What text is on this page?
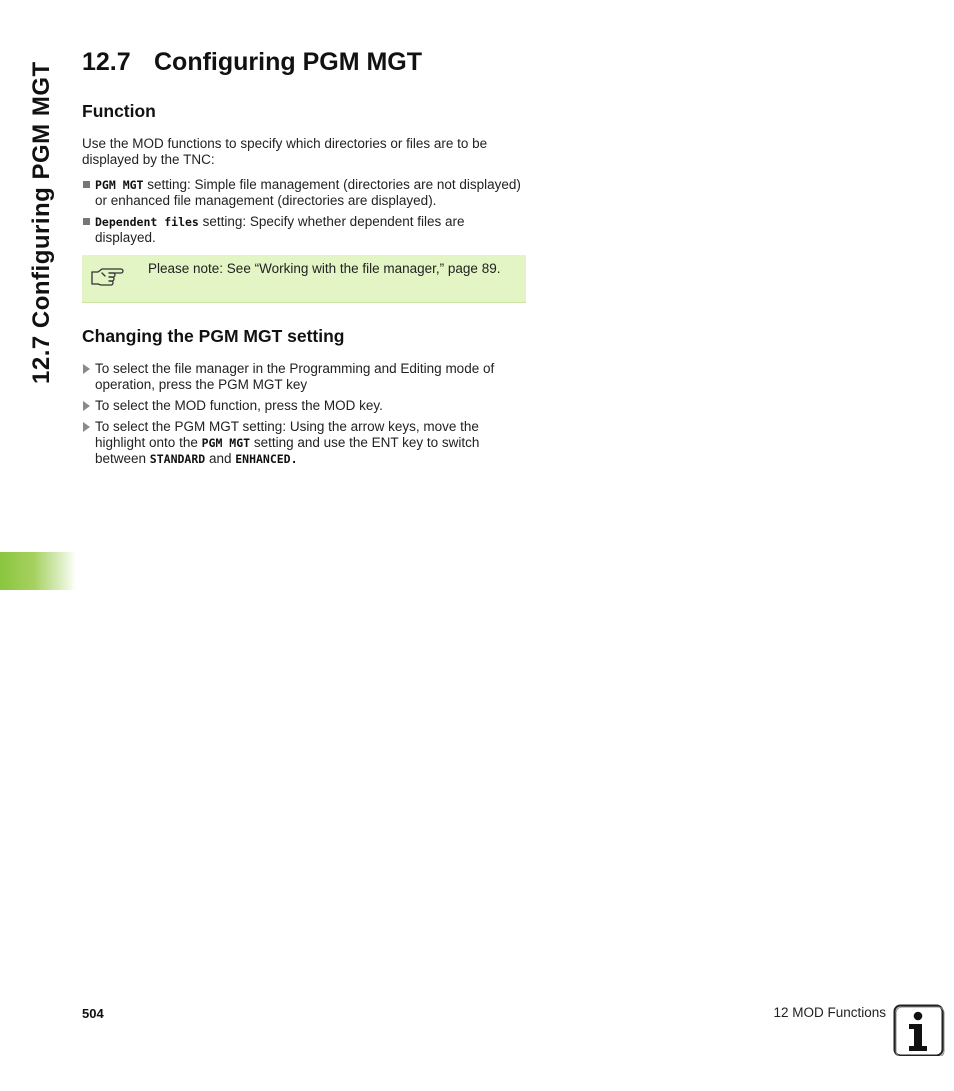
12.7 Configuring PGM MGT 12.7 Configuring PGM MGT
Function

Use the MOD functions to specify which directories or files are to be displayed by the TNC:

PGM MGT setting: Simple file management (directories are not displayed) or enhanced file management (directories are displayed).
Dependent files setting: Specify whether dependent files are displayed.
Please note: See “Working with the file manager,” page 89.
Changing the PGM MGT setting
To select the file manager in the Programming and Editing mode of operation, press the PGM MGT key
To select the MOD function, press the MOD key.
To select the PGM MGT setting: Using the arrow keys, move the highlight onto the PGM MGT setting and use the ENT key to switch between STANDARD and ENHANCED.
504	12 MOD Functions
